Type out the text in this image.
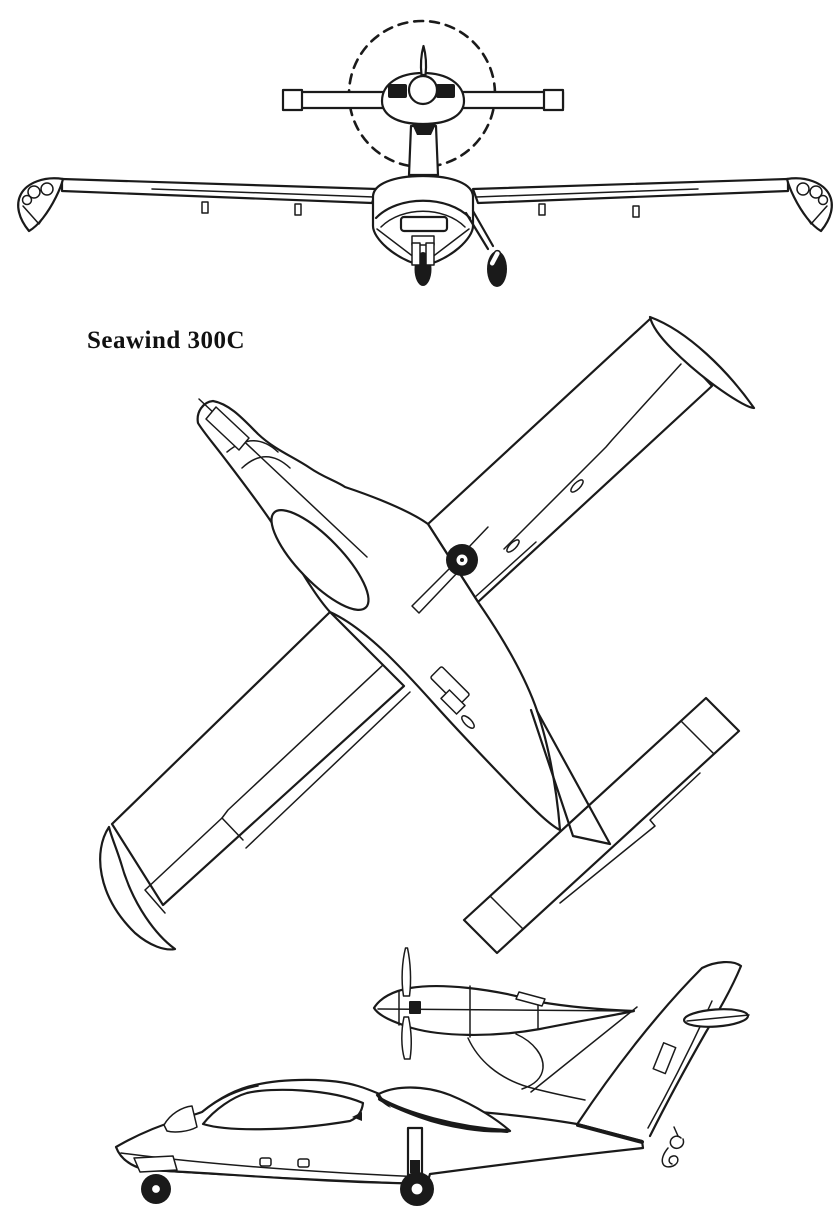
Seawind 300C
